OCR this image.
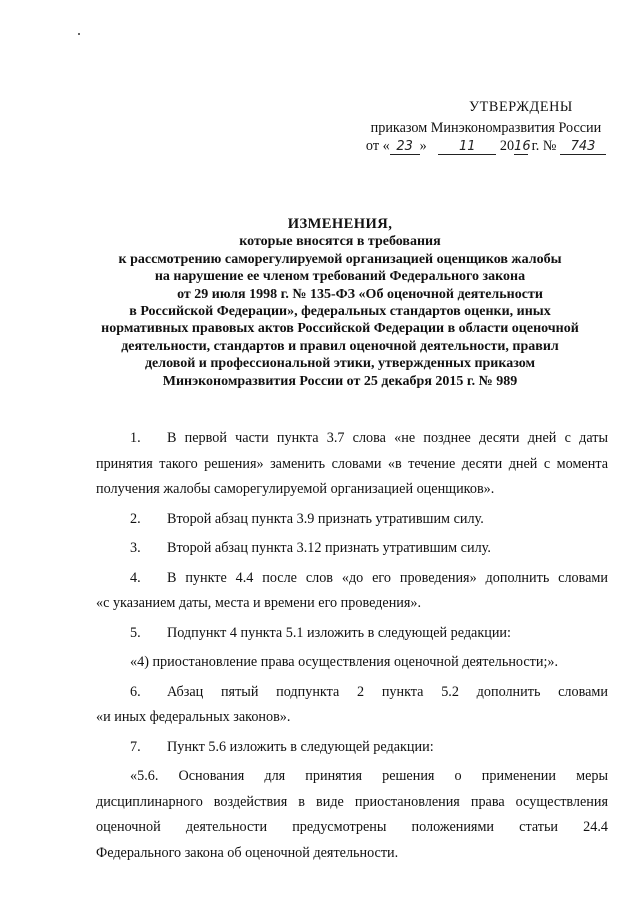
УТВЕРЖДЕНЫ
приказом Минэкономразвития России
от « 23 » 11 2016 г. № 743
ИЗМЕНЕНИЯ,
которые вносятся в требования
к рассмотрению саморегулируемой организацией оценщиков жалобы
на нарушение ее членом требований Федерального закона
от 29 июля 1998 г. № 135-ФЗ «Об оценочной деятельности
в Российской Федерации», федеральных стандартов оценки, иных
нормативных правовых актов Российской Федерации в области оценочной
деятельности, стандартов и правил оценочной деятельности, правил
деловой и профессиональной этики, утвержденных приказом
Минэкономразвития России от 25 декабря 2015 г. № 989
1. В первой части пункта 3.7 слова «не позднее десяти дней с даты
принятия такого решения» заменить словами «в течение десяти дней с момента
получения жалобы саморегулируемой организацией оценщиков».
2. Второй абзац пункта 3.9 признать утратившим силу.
3. Второй абзац пункта 3.12 признать утратившим силу.
4. В пункте 4.4 после слов «до его проведения» дополнить словами
«с указанием даты, места и времени его проведения».
5. Подпункт 4 пункта 5.1 изложить в следующей редакции:
«4) приостановление права осуществления оценочной деятельности;».
6. Абзац пятый подпункта 2 пункта 5.2 дополнить словами
«и иных федеральных законов».
7. Пункт 5.6 изложить в следующей редакции:
«5.6. Основания для принятия решения о применении меры
дисциплинарного воздействия в виде приостановления права осуществления
оценочной деятельности предусмотрены положениями статьи 24.4
Федерального закона об оценочной деятельности.
